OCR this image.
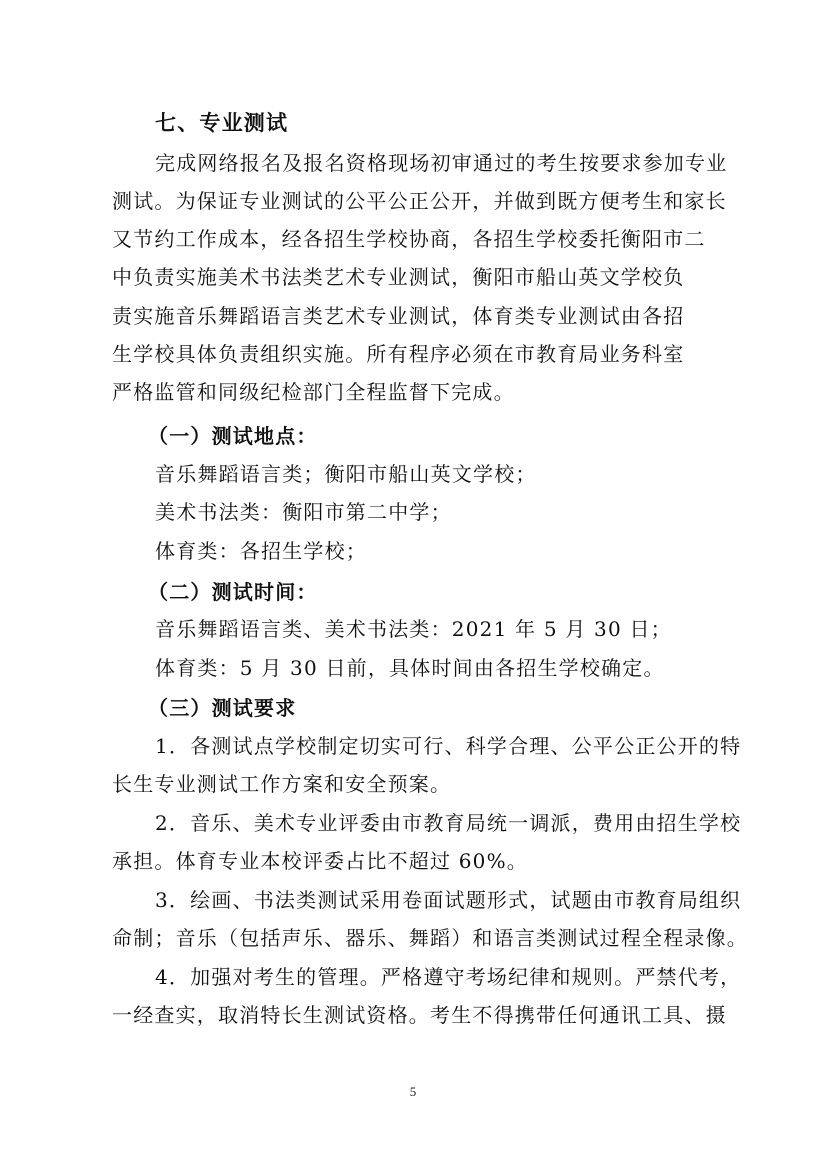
七、专业测试
完成网络报名及报名资格现场初审通过的考生按要求参加专业
测试。为保证专业测试的公平公正公开，并做到既方便考生和家长
又节约工作成本，经各招生学校协商，各招生学校委托衡阳市二
中负责实施美术书法类艺术专业测试，衡阳市船山英文学校负
责实施音乐舞蹈语言类艺术专业测试，体育类专业测试由各招
生学校具体负责组织实施。所有程序必须在市教育局业务科室
严格监管和同级纪检部门全程监督下完成。
（一）测试地点：
音乐舞蹈语言类；衡阳市船山英文学校；
美术书法类：衡阳市第二中学；
体育类：各招生学校；
（二）测试时间：
音乐舞蹈语言类、美术书法类：2021 年 5 月 30 日；
体育类：5 月 30 日前，具体时间由各招生学校确定。
（三）测试要求
1．各测试点学校制定切实可行、科学合理、公平公正公开的特
长生专业测试工作方案和安全预案。
2．音乐、美术专业评委由市教育局统一调派，费用由招生学校
承担。体育专业本校评委占比不超过 60%。
3．绘画、书法类测试采用卷面试题形式，试题由市教育局组织
命制；音乐（包括声乐、器乐、舞蹈）和语言类测试过程全程录像。
4．加强对考生的管理。严格遵守考场纪律和规则。严禁代考，
一经查实，取消特长生测试资格。考生不得携带任何通讯工具、摄
5
